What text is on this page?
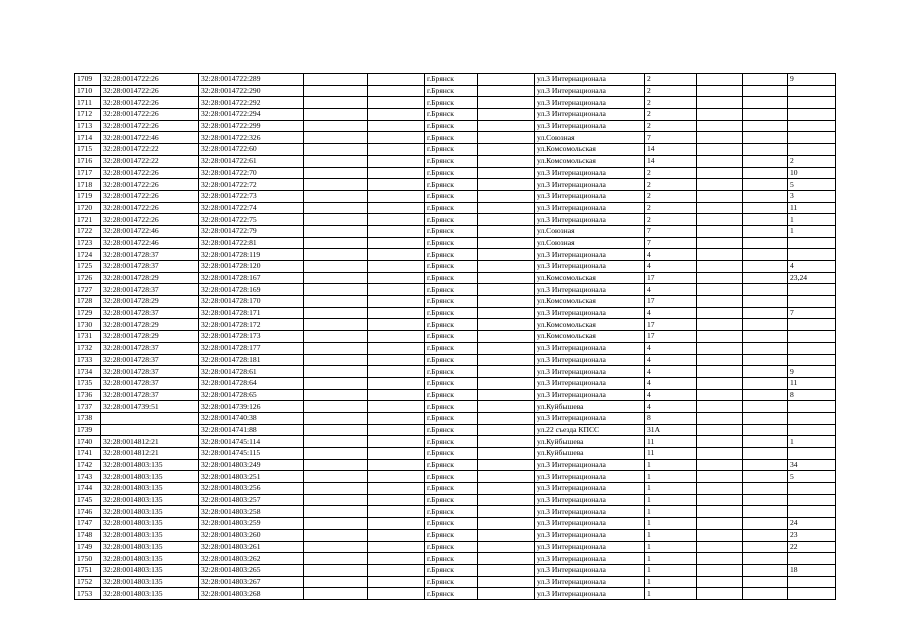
1709	32:28:0014722:26	32:28:0014722:289			г.Брянск		ул.3 Интернационала	2			9
1710	32:28:0014722:26	32:28:0014722:290			г.Брянск		ул.3 Интернационала	2			
1711	32:28:0014722:26	32:28:0014722:292			г.Брянск		ул.3 Интернационала	2			
1712	32:28:0014722:26	32:28:0014722:294			г.Брянск		ул.3 Интернационала	2			
1713	32:28:0014722:26	32:28:0014722:299			г.Брянск		ул.3 Интернационала	2			
1714	32:28:0014722:46	32:28:0014722:326			г.Брянск		ул.Союзная	7			
1715	32:28:0014722:22	32:28:0014722:60			г.Брянск		ул.Комсомольская	14			
1716	32:28:0014722:22	32:28:0014722:61			г.Брянск		ул.Комсомольская	14			2
1717	32:28:0014722:26	32:28:0014722:70			г.Брянск		ул.3 Интернационала	2			10
1718	32:28:0014722:26	32:28:0014722:72			г.Брянск		ул.3 Интернационала	2			5
1719	32:28:0014722:26	32:28:0014722:73			г.Брянск		ул.3 Интернационала	2			3
1720	32:28:0014722:26	32:28:0014722:74			г.Брянск		ул.3 Интернационала	2			11
1721	32:28:0014722:26	32:28:0014722:75			г.Брянск		ул.3 Интернационала	2			1
1722	32:28:0014722:46	32:28:0014722:79			г.Брянск		ул.Союзная	7			1
1723	32:28:0014722:46	32:28:0014722:81			г.Брянск		ул.Союзная	7			
1724	32:28:0014728:37	32:28:0014728:119			г.Брянск		ул.3 Интернационала	4			
1725	32:28:0014728:37	32:28:0014728:120			г.Брянск		ул.3 Интернационала	4			4
1726	32:28:0014728:29	32:28:0014728:167			г.Брянск		ул.Комсомольская	17			23,24
1727	32:28:0014728:37	32:28:0014728:169			г.Брянск		ул.3 Интернационала	4			
1728	32:28:0014728:29	32:28:0014728:170			г.Брянск		ул.Комсомольская	17			
1729	32:28:0014728:37	32:28:0014728:171			г.Брянск		ул.3 Интернационала	4			7
1730	32:28:0014728:29	32:28:0014728:172			г.Брянск		ул.Комсомольская	17			
1731	32:28:0014728:29	32:28:0014728:173			г.Брянск		ул.Комсомольская	17			
1732	32:28:0014728:37	32:28:0014728:177			г.Брянск		ул.3 Интернационала	4			
1733	32:28:0014728:37	32:28:0014728:181			г.Брянск		ул.3 Интернационала	4			
1734	32:28:0014728:37	32:28:0014728:61			г.Брянск		ул.3 Интернационала	4			9
1735	32:28:0014728:37	32:28:0014728:64			г.Брянск		ул.3 Интернационала	4			11
1736	32:28:0014728:37	32:28:0014728:65			г.Брянск		ул.3 Интернационала	4			8
1737	32:28:0014739:51	32:28:0014739:126			г.Брянск		ул.Куйбышева	4			
1738		32:28:0014740:38			г.Брянск		ул.3 Интернационала	8			
1739		32:28:0014741:88			г.Брянск		ул.22 съезда КПСС	31А			
1740	32:28:0014812:21	32:28:0014745:114			г.Брянск		ул.Куйбышева	11			1
1741	32:28:0014812:21	32:28:0014745:115			г.Брянск		ул.Куйбышева	11			
1742	32:28:0014803:135	32:28:0014803:249			г.Брянск		ул.3 Интернационала	1			34
1743	32:28:0014803:135	32:28:0014803:251			г.Брянск		ул.3 Интернационала	1			5
1744	32:28:0014803:135	32:28:0014803:256			г.Брянск		ул.3 Интернационала	1			
1745	32:28:0014803:135	32:28:0014803:257			г.Брянск		ул.3 Интернационала	1			
1746	32:28:0014803:135	32:28:0014803:258			г.Брянск		ул.3 Интернационала	1			
1747	32:28:0014803:135	32:28:0014803:259			г.Брянск		ул.3 Интернационала	1			24
1748	32:28:0014803:135	32:28:0014803:260			г.Брянск		ул.3 Интернационала	1			23
1749	32:28:0014803:135	32:28:0014803:261			г.Брянск		ул.3 Интернационала	1			22
1750	32:28:0014803:135	32:28:0014803:262			г.Брянск		ул.3 Интернационала	1			
1751	32:28:0014803:135	32:28:0014803:265			г.Брянск		ул.3 Интернационала	1			18
1752	32:28:0014803:135	32:28:0014803:267			г.Брянск		ул.3 Интернационала	1			
1753	32:28:0014803:135	32:28:0014803:268			г.Брянск		ул.3 Интернационала	1			
